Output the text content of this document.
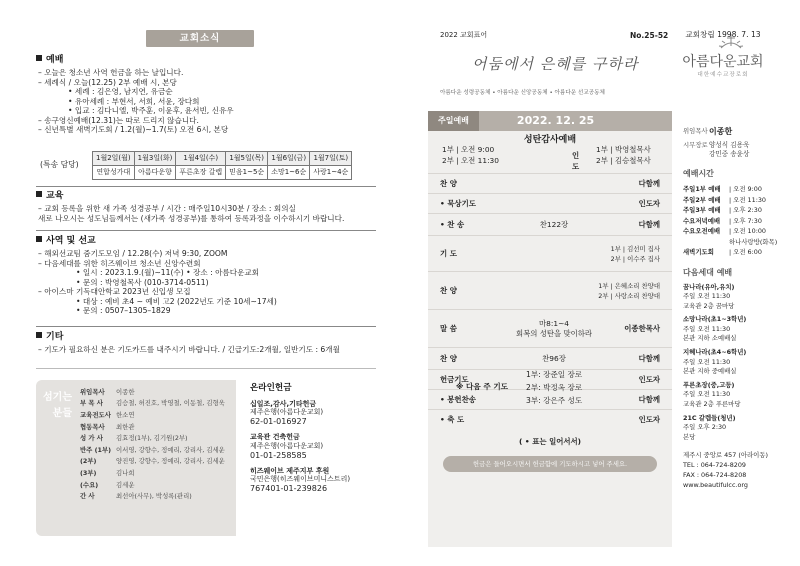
교회소식
예배
– 오늘은 청소년 사역 헌금을 하는 날입니다.
– 세례식 / 오늘(12.25) 2부 예배 시, 본당
• 세례 : 김은영, 남지연, 유금순
• 유아세례 : 부현서, 서희, 서윤, 장다희
• 입교 : 김다니엘, 박주훈, 이윤후, 윤서빈, 신유우
– 송구영신예배(12.31)는 따로 드리지 않습니다.
– 신년특별 새벽기도회 / 1.2(월)~1.7(토) 오전 6시, 본당
(특송 담당)
1월2일(월)	1월3일(화)	1월4일(수)	1월5일(목)	1월6일(금)	1월7일(토)
연합성가대	아름다운향	푸른초장 갈렙	믿음1~5순	소망1~6순	사랑1~4순
교육
– 교회 등록을 위한 새 가족 성경공부 / 시간 : 매주일10시30분 / 장소 : 회의실
새로 나오시는 성도님들께서는 (새가족 성경공부)를 통하여 등록과정을 이수하시기 바랍니다.
사역 및 선교
– 해외선교팀 줌기도모임 / 12.28(수) 저녁 9:30, ZOOM
– 다음세대를 위한 히즈웨이브 청소년 신앙수련회
• 일시 : 2023.1.9.(월)~11(수) • 장소 : 아름다운교회
• 문의 : 박영철목사 (010-3714-0511)
– 아이스마 기독대안학교 2023년 신입생 모집
• 대상 : 예비 초4 ~ 예비 고2 (2022년도 기준 10세~17세)
• 문의 : 0507–1305–1829
기타
– 기도가 필요하신 분은 기도카드를 내주시기 바랍니다. / 긴급기도:2개월, 일반기도 : 6개월
섬기는 분들
위임목사	이종한
부 목 사	김승철, 허진호, 박영철, 이동철, 김형욱
교육전도사 한소연
협동목사	최한관
성 가 사	김효정(1부), 김기원(2부)
반주 (1부) 이서영, 강향수, 정예리, 강리사, 김세운
(2부)	양진영, 강향수, 정예리, 강리사, 김세운
(3부)	김나희
(수요)	김세운
간 사	최선아(사무), 박성록(관리)
온라인헌금
십일조,감사,기타헌금
제주은행(아름다운교회)
62-01-016927
교육관 건축헌금
제주은행(아름다운교회)
01-01-258585
히즈웨이브 제주지부 후원
국민은행(히즈웨이브미니스트리)
767401-01-239826
2022 교회표어	No.25-52
어둠에서 은혜를 구하라
아름다운 성령공동체 • 아름다운 신앙공동체 • 아름다운 선교공동체
아름다운교회
대한예수교장로회
교회창립 1998. 7. 13
주일예배	2022. 12. 25
성탄감사예배
1부 | 오전 9:00
2부 | 오전 11:30
인도
1부 | 박영철목사
2부 | 김승철목사
찬 양	다함께
• 묵상기도	인도자
• 찬 송	찬122장	다함께
기 도
1부 | 김선미 집사
2부 | 이수주 집사
찬 양
1부 | 은혜소리 찬양대
2부 | 사랑소리 찬양대
말 씀
마8:1~4
회복의 성탄을 맞이하라
이종한목사
찬 양	찬96장	다함께
헌금기도	인도자
• 봉헌찬송	다함께
• 축 도	인도자
( • 표는 일어서서)
헌금은 들어오시면서 헌금함에 기도하시고 넣어 주세요.
※ 다음 주 기도
1부: 장준일 장로
2부: 박정옥 장로
3부: 강은주 성도
위임목사 이종한
시무장로 양성식 김용욱
강민중 송윤상
예배시간
주일1부 예배	| 오전 9:00
주일2부 예배	| 오전 11:30
주일3부 예배	| 오후 2:30
수요저녁예배	| 오후 7:30
수요오전예배	| 오전 10:00
하나사랑방(화목)
새벽기도회	| 오전 6:00
다음세대 예배
꿈나라(유아,유치)
주일 오전 11:30
교육관 2층 꿈마당
소망나라(초1~3학년)
주일 오전 11:30
본관 지하 소예배실
지혜나라(초4~6학년)
주일 오전 11:30
본관 지하 중예배실
푸른초장(중,고등)
주일 오전 11:30
교육관 2층 푸른마당
21C 갈렙들(청년)
주일 오후 2:30
본당
제주시 중앙로 457 (아라이동)
TEL : 064-724-8209
FAX : 064-724-8208
www.beautifulcc.org
